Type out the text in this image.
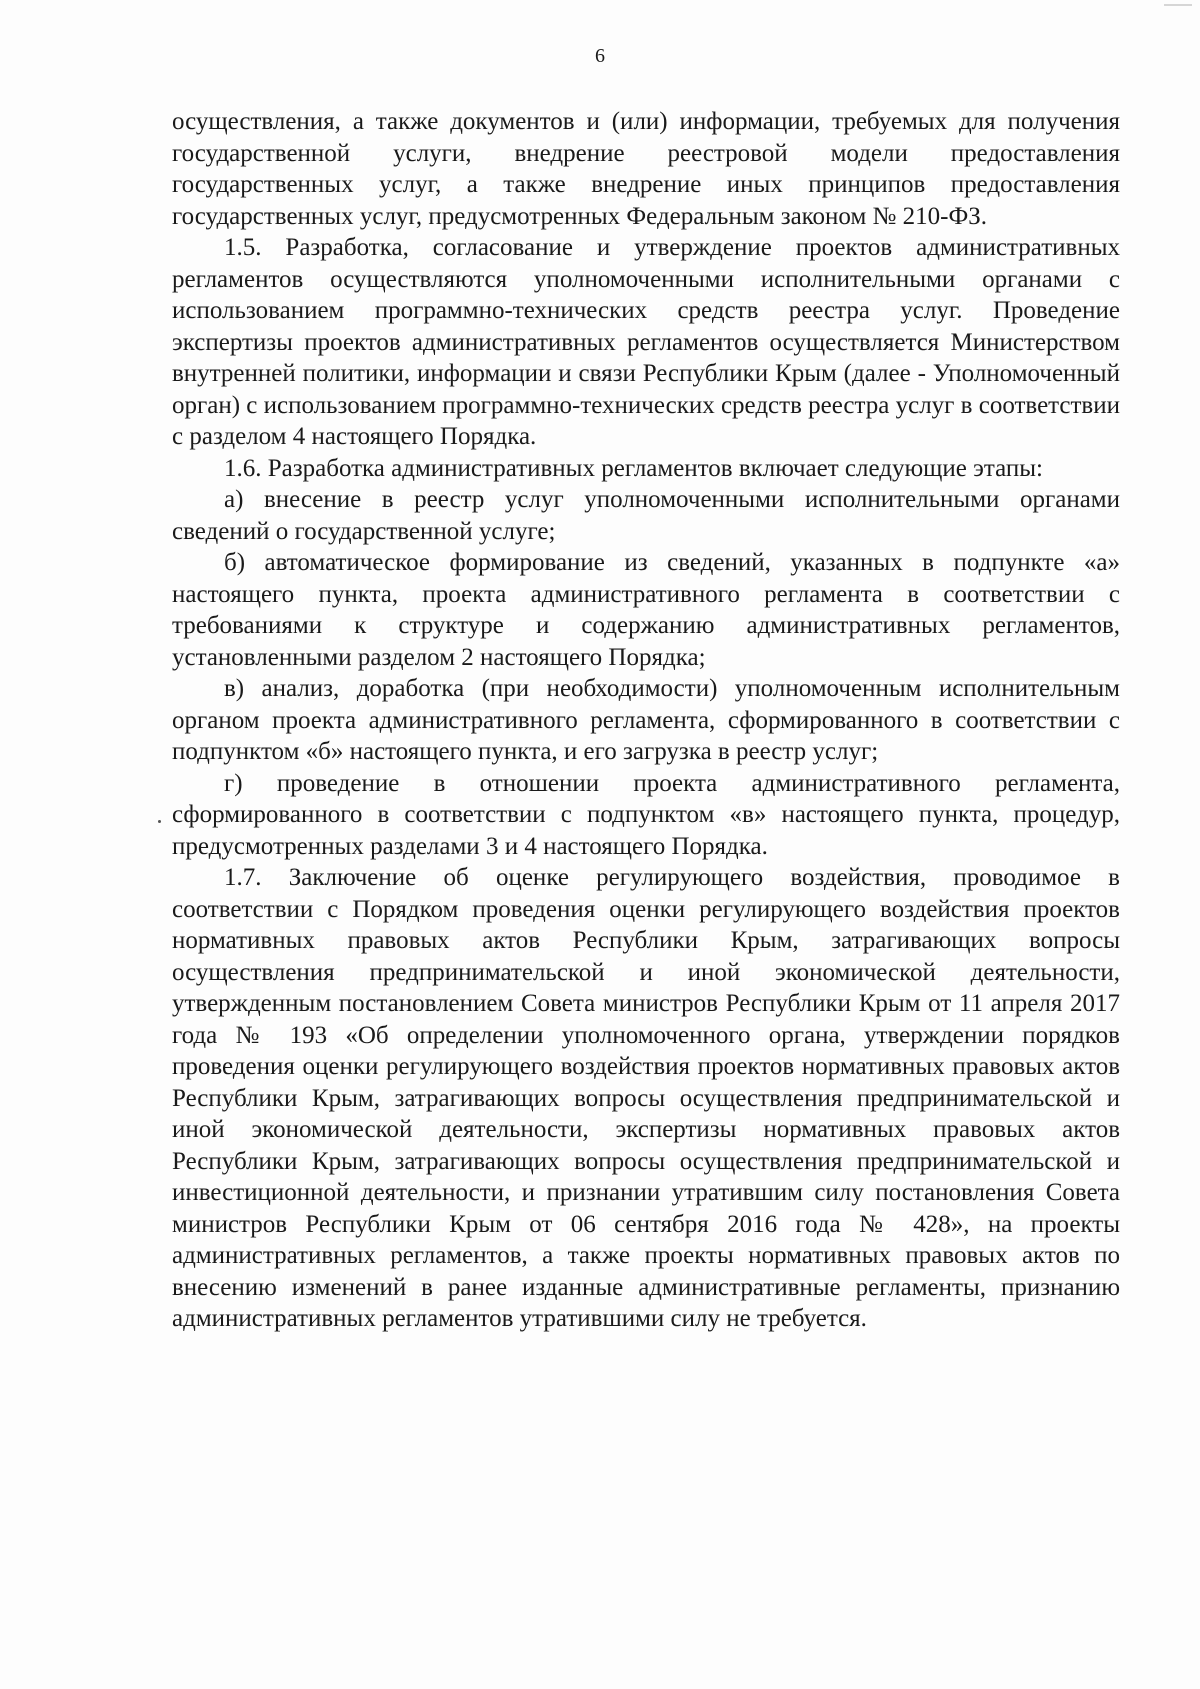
6

осуществления, а также документов и (или) информации, требуемых для получения государственной услуги, внедрение реестровой модели предоставления государственных услуг, а также внедрение иных принципов предоставления государственных услуг, предусмотренных Федеральным законом № 210-ФЗ.

1.5. Разработка, согласование и утверждение проектов административных регламентов осуществляются уполномоченными исполнительными органами с использованием программно-технических средств реестра услуг. Проведение экспертизы проектов административных регламентов осуществляется Министерством внутренней политики, информации и связи Республики Крым (далее - Уполномоченный орган) с использованием программно-технических средств реестра услуг в соответствии с разделом 4 настоящего Порядка.

1.6. Разработка административных регламентов включает следующие этапы:

а) внесение в реестр услуг уполномоченными исполнительными органами сведений о государственной услуге;

б) автоматическое формирование из сведений, указанных в подпункте «а» настоящего пункта, проекта административного регламента в соответствии с требованиями к структуре и содержанию административных регламентов, установленными разделом 2 настоящего Порядка;

в) анализ, доработка (при необходимости) уполномоченным исполнительным органом проекта административного регламента, сформированного в соответствии с подпунктом «б» настоящего пункта, и его загрузка в реестр услуг;

г) проведение в отношении проекта административного регламента, сформированного в соответствии с подпунктом «в» настоящего пункта, процедур, предусмотренных разделами 3 и 4 настоящего Порядка.

1.7. Заключение об оценке регулирующего воздействия, проводимое в соответствии с Порядком проведения оценки регулирующего воздействия проектов нормативных правовых актов Республики Крым, затрагивающих вопросы осуществления предпринимательской и иной экономической деятельности, утвержденным постановлением Совета министров Республики Крым от 11 апреля 2017 года № 193 «Об определении уполномоченного органа, утверждении порядков проведения оценки регулирующего воздействия проектов нормативных правовых актов Республики Крым, затрагивающих вопросы осуществления предпринимательской и иной экономической деятельности, экспертизы нормативных правовых актов Республики Крым, затрагивающих вопросы осуществления предпринимательской и инвестиционной деятельности, и признании утратившим силу постановления Совета министров Республики Крым от 06 сентября 2016 года № 428», на проекты административных регламентов, а также проекты нормативных правовых актов по внесению изменений в ранее изданные административные регламенты, признанию административных регламентов утратившими силу не требуется.
